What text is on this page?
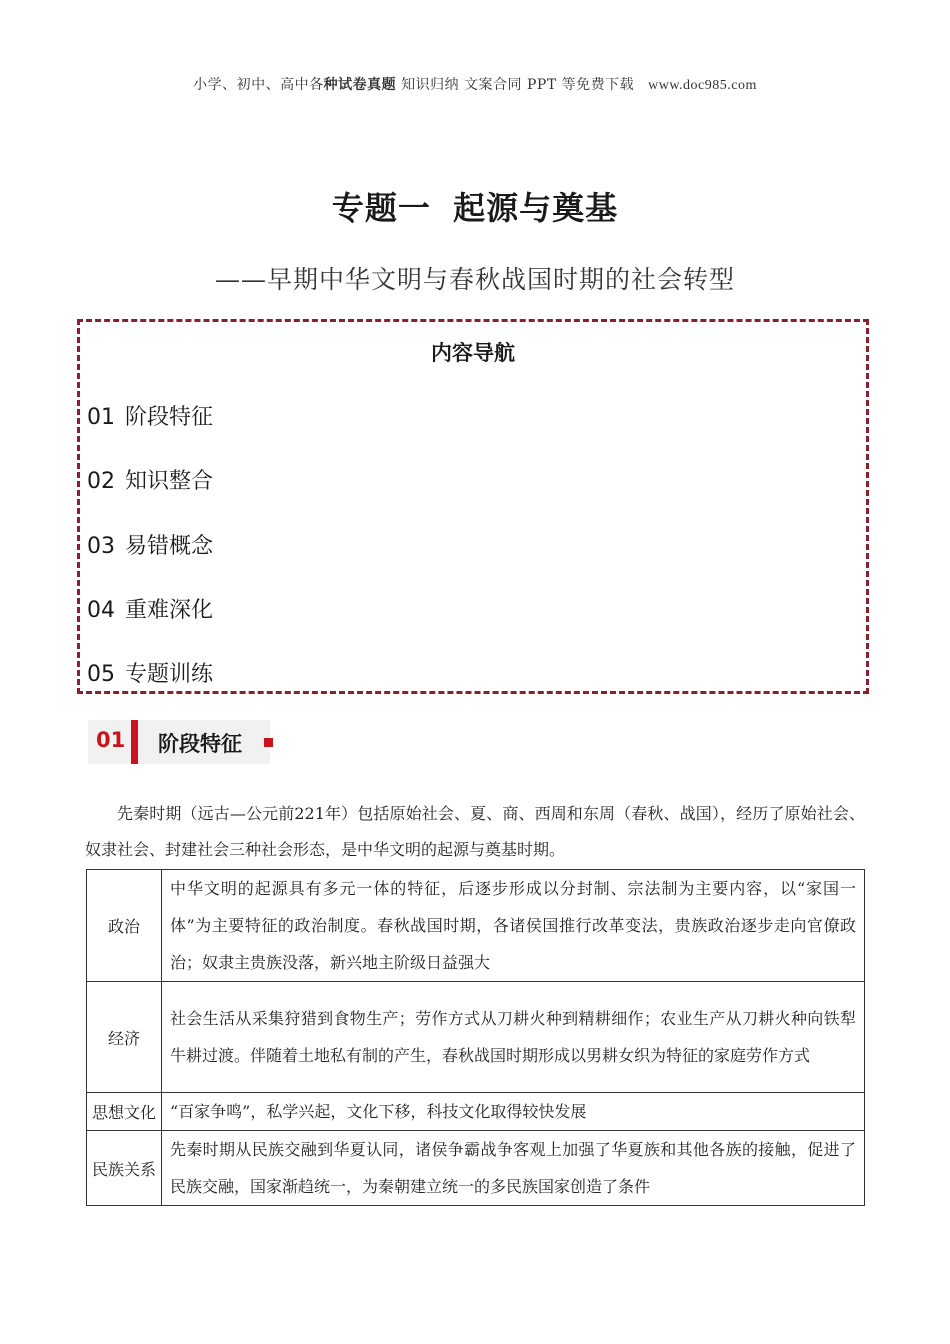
小学、初中、高中各种试卷真题 知识归纳 文案合同 PPT 等免费下载 www.doc985.com
专题一 起源与奠基
——早期中华文明与春秋战国时期的社会转型
内容导航
01 阶段特征
02 知识整合
03 易错概念
04 重难深化
05 专题训练
01 阶段特征
先秦时期（远古—公元前221年）包括原始社会、夏、商、西周和东周（春秋、战国），经历了原始社会、奴隶社会、封建社会三种社会形态，是中华文明的起源与奠基时期。
政治	中华文明的起源具有多元一体的特征，后逐步形成以分封制、宗法制为主要内容，以“家国一体”为主要特征的政治制度。春秋战国时期，各诸侯国推行改革变法，贵族政治逐步走向官僚政治；奴隶主贵族没落，新兴地主阶级日益强大
经济	社会生活从采集狩猎到食物生产；劳作方式从刀耕火种到精耕细作；农业生产从刀耕火种向铁犁牛耕过渡。伴随着土地私有制的产生，春秋战国时期形成以男耕女织为特征的家庭劳作方式
思想文化	“百家争鸣”，私学兴起，文化下移，科技文化取得较快发展
民族关系	先秦时期从民族交融到华夏认同，诸侯争霸战争客观上加强了华夏族和其他各族的接触，促进了民族交融，国家渐趋统一，为秦朝建立统一的多民族国家创造了条件
